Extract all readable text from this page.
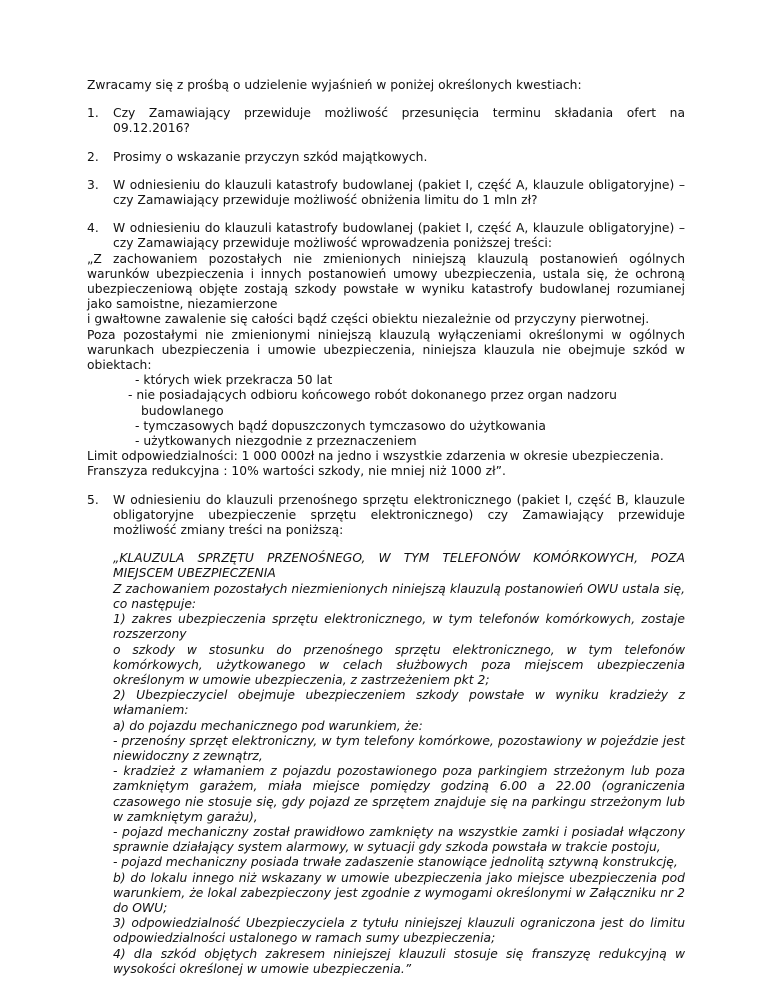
Zwracamy się z prośbą o udzielenie wyjaśnień w poniżej określonych kwestiach:

1.	Czy Zamawiający przewiduje możliwość przesunięcia terminu składania ofert na 09.12.2016?

2.	Prosimy o wskazanie przyczyn szkód majątkowych.

3.	W odniesieniu do klauzuli katastrofy budowlanej (pakiet I, część A, klauzule obligatoryjne) – czy Zamawiający przewiduje możliwość obniżenia limitu do 1 mln zł?

4.	W odniesieniu do klauzuli katastrofy budowlanej (pakiet I, część A, klauzule obligatoryjne) – czy Zamawiający przewiduje możliwość wprowadzenia poniższej treści:

„Z zachowaniem pozostałych nie zmienionych niniejszą klauzulą postanowień ogólnych warunków ubezpieczenia i innych postanowień umowy ubezpieczenia, ustala się, że ochroną ubezpieczeniową objęte zostają szkody powstałe w wyniku katastrofy budowlanej rozumianej jako samoistne, niezamierzone

i gwałtowne zawalenie się całości bądź części obiektu niezależnie od przyczyny pierwotnej.

Poza pozostałymi nie zmienionymi niniejszą klauzulą wyłączeniami określonymi w ogólnych warunkach ubezpieczenia i umowie ubezpieczenia, niniejsza klauzula nie obejmuje szkód w obiektach:

- których wiek przekracza 50 lat
- nie posiadających odbioru końcowego robót dokonanego przez organ nadzoru budowlanego
- tymczasowych bądź dopuszczonych tymczasowo do użytkowania
- użytkowanych niezgodnie z przeznaczeniem

Limit odpowiedzialności: 1 000 000zł na jedno i wszystkie zdarzenia w okresie ubezpieczenia.

Franszyza redukcyjna : 10% wartości szkody, nie mniej niż 1000 zł”.

5.	W odniesieniu do klauzuli przenośnego sprzętu elektronicznego (pakiet I, część B, klauzule obligatoryjne ubezpieczenie sprzętu elektronicznego) czy Zamawiający przewiduje możliwość zmiany treści na poniższą:

„KLAUZULA SPRZĘTU PRZENOŚNEGO, W TYM TELEFONÓW KOMÓRKOWYCH, POZA MIEJSCEM UBEZPIECZENIA

Z zachowaniem pozostałych niezmienionych niniejszą klauzulą postanowień OWU ustala się, co następuje:

1) zakres ubezpieczenia sprzętu elektronicznego, w tym telefonów komórkowych, zostaje rozszerzony

o szkody w stosunku do przenośnego sprzętu elektronicznego, w tym telefonów komórkowych, użytkowanego w celach służbowych poza miejscem ubezpieczenia określonym w umowie ubezpieczenia, z zastrzeżeniem pkt 2;

2) Ubezpieczyciel obejmuje ubezpieczeniem szkody powstałe w wyniku kradzieży z włamaniem:

a) do pojazdu mechanicznego pod warunkiem, że:

- przenośny sprzęt elektroniczny, w tym telefony komórkowe, pozostawiony w pojeździe jest niewidoczny z zewnątrz,

- kradzież z włamaniem z pojazdu pozostawionego poza parkingiem strzeżonym lub poza zamkniętym garażem, miała miejsce pomiędzy godziną 6.00 a 22.00 (ograniczenia czasowego nie stosuje się, gdy pojazd ze sprzętem znajduje się na parkingu strzeżonym lub w zamkniętym garażu),

- pojazd mechaniczny został prawidłowo zamknięty na wszystkie zamki i posiadał włączony sprawnie działający system alarmowy, w sytuacji gdy szkoda powstała w trakcie postoju,

- pojazd mechaniczny posiada trwałe zadaszenie stanowiące jednolitą sztywną konstrukcję,

b) do lokalu innego niż wskazany w umowie ubezpieczenia jako miejsce ubezpieczenia pod warunkiem, że lokal zabezpieczony jest zgodnie z wymogami określonymi w Załączniku nr 2 do OWU;

3) odpowiedzialność Ubezpieczyciela z tytułu niniejszej klauzuli ograniczona jest do limitu odpowiedzialności ustalonego w ramach sumy ubezpieczenia;

4) dla szkód objętych zakresem niniejszej klauzuli stosuje się franszyzę redukcyjną w wysokości określonej w umowie ubezpieczenia.”
